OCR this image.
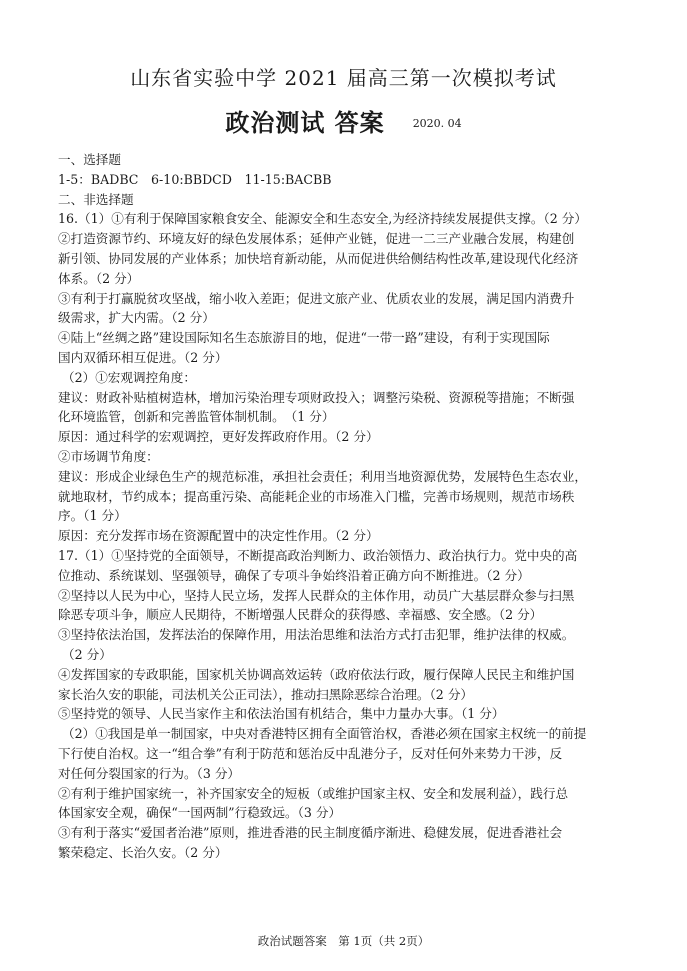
山东省实验中学 2021 届高三第一次模拟考试
政治测试 答案	$^{2020. 04}$
一、选择题
1-5：BADBC　6-10:BBDCD　11-15:BACBB
二、非选择题
16.（1）①有利于保障国家粮食安全、能源安全和生态安全,为经济持续发展提供支撑。（2 分）
②打造资源节约、环境友好的绿色发展体系；延伸产业链，促进一二三产业融合发展，构建创
新引领、协同发展的产业体系；加快培育新动能，从而促进供给侧结构性改革,建设现代化经济
体系。（2 分）
③有利于打赢脱贫攻坚战，缩小收入差距；促进文旅产业、优质农业的发展，满足国内消费升
级需求，扩大内需。（2 分）
④陆上“丝绸之路”建设国际知名生态旅游目的地，促进“一带一路”建设，有利于实现国际
国内双循环相互促进。（2 分）
（2）①宏观调控角度：
建议：财政补贴植树造林，增加污染治理专项财政投入；调整污染税、资源税等措施；不断强
化环境监管，创新和完善监管体制机制。　（1 分）
原因：通过科学的宏观调控，更好发挥政府作用。（2 分）
②市场调节角度：
建议：形成企业绿色生产的规范标准，承担社会责任；利用当地资源优势，发展特色生态农业，
就地取材，节约成本；提高重污染、高能耗企业的市场准入门槛，完善市场规则，规范市场秩
序。（1 分）
原因：充分发挥市场在资源配置中的决定性作用。（2 分）
17.（1）①坚持党的全面领导，不断提高政治判断力、政治领悟力、政治执行力。党中央的高
位推动、系统谋划、坚强领导，确保了专项斗争始终沿着正确方向不断推进。（2 分）
②坚持以人民为中心，坚持人民立场，发挥人民群众的主体作用，动员广大基层群众参与扫黑
除恶专项斗争，顺应人民期待，不断增强人民群众的获得感、幸福感、安全感。（2 分）
③坚持依法治国，发挥法治的保障作用，用法治思维和法治方式打击犯罪，维护法律的权威。
（2 分）
④发挥国家的专政职能，国家机关协调高效运转（政府依法行政，履行保障人民民主和维护国
家长治久安的职能，司法机关公正司法），推动扫黑除恶综合治理。（2 分）
⑤坚持党的领导、人民当家作主和依法治国有机结合，集中力量办大事。（1 分）
（2）①我国是单一制国家，中央对香港特区拥有全面管治权，香港必须在国家主权统一的前提
下行使自治权。这一“组合拳”有利于防范和惩治反中乱港分子，反对任何外来势力干涉，反
对任何分裂国家的行为。（3 分）
②有利于维护国家统一，补齐国家安全的短板（或维护国家主权、安全和发展利益），践行总
体国家安全观，确保“一国两制”行稳致远。（3 分）
③有利于落实“爱国者治港”原则，推进香港的民主制度循序渐进、稳健发展，促进香港社会
繁荣稳定、长治久安。（2 分）
政治试题答案　第 1页（共 2页）
